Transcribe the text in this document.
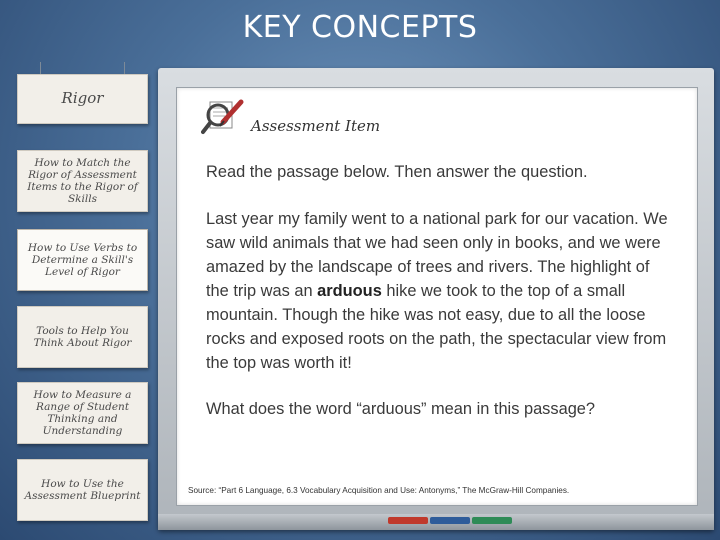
KEY CONCEPTS
Rigor
How to Match the Rigor of Assessment Items to the Rigor of Skills
How to Use Verbs to Determine a Skill's Level of Rigor
Tools to Help You Think About Rigor
How to Measure a Range of Student Thinking and Understanding
How to Use the Assessment Blueprint
Assessment Item
Read the passage below. Then answer the question.
Last year my family went to a national park for our vacation. We saw wild animals that we had seen only in books, and we were amazed by the landscape of trees and rivers. The highlight of the trip was an arduous hike we took to the top of a small mountain. Though the hike was not easy, due to all the loose rocks and exposed roots on the path, the spectacular view from the top was worth it!
What does the word “arduous” mean in this passage?
Source: “Part 6 Language, 6.3 Vocabulary Acquisition and Use: Antonyms,” The McGraw-Hill Companies.
